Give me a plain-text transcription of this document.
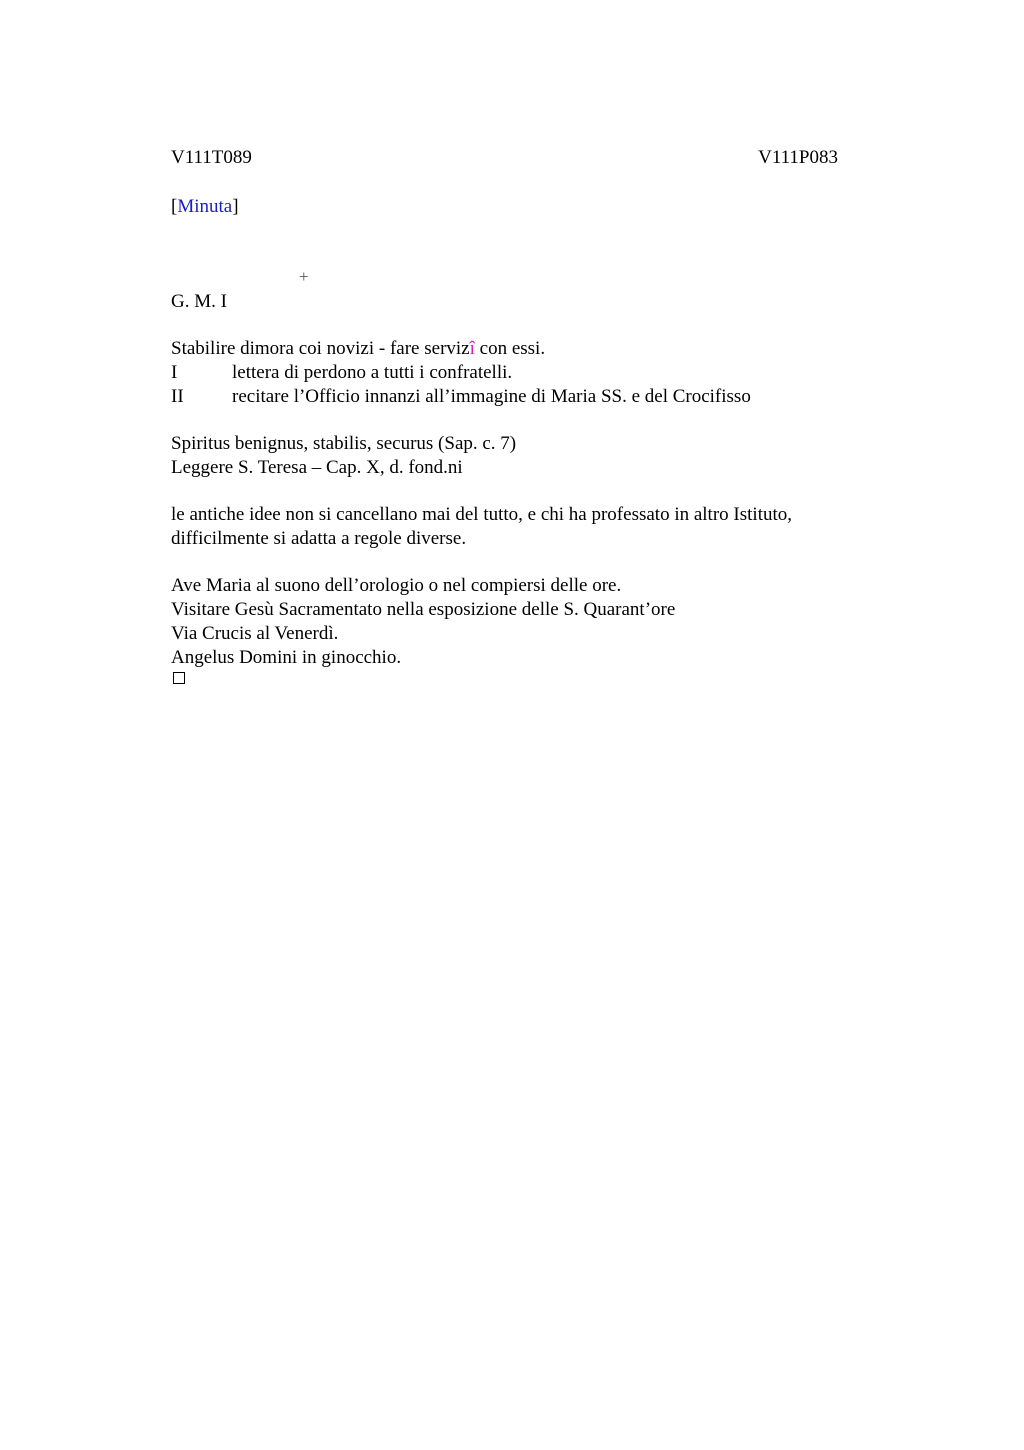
V111T089	V111P083
[Minuta]
+
G. M. I
Stabilire dimora coi novizi - fare servizî con essi.
I	lettera di perdono a tutti i confratelli.
II	recitare l’Officio innanzi all’immagine di Maria SS. e del Crocifisso
Spiritus benignus, stabilis, securus (Sap. c. 7)
Leggere S. Teresa – Cap. X, d. fond.ni
le antiche idee non si cancellano mai del tutto, e chi ha professato in altro Istituto,
difficilmente si adatta a regole diverse.
Ave Maria al suono dell’orologio o nel compiersi delle ore.
Visitare Gesù Sacramentato nella esposizione delle S. Quarant’ore
Via Crucis al Venerdì.
Angelus Domini in ginocchio.
